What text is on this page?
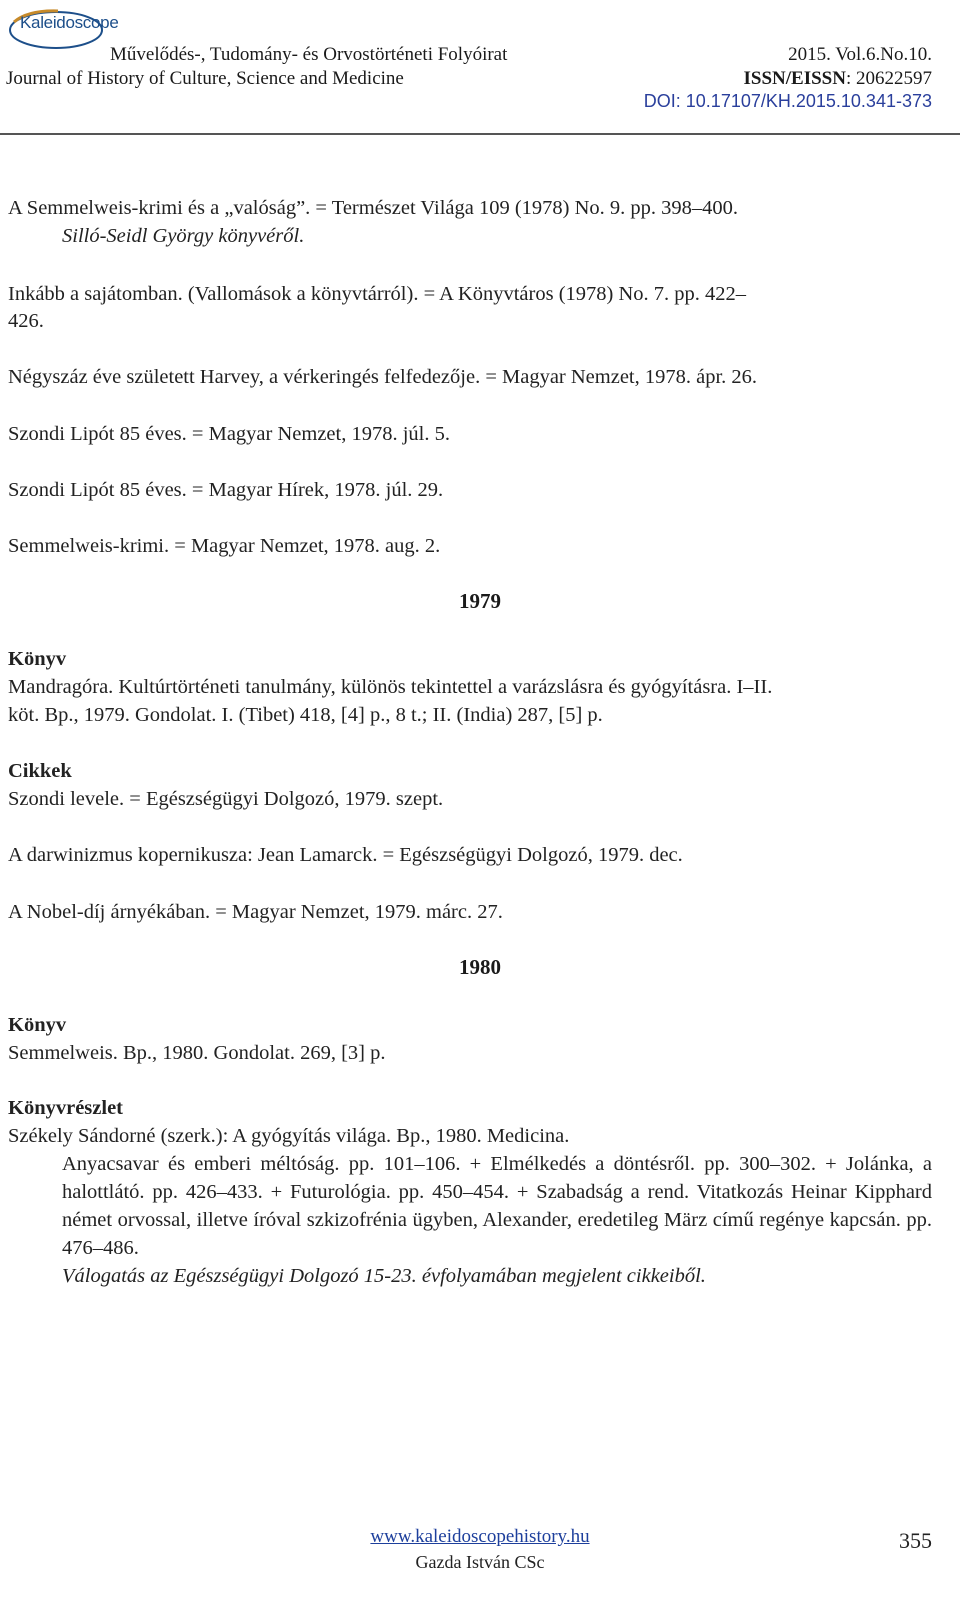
Kaleidoscope
Művelődés-, Tudomány- és Orvostörténeti Folyóirat
Journal of History of Culture, Science and Medicine
2015. Vol.6.No.10.
ISSN/EISSN: 20622597
DOI: 10.17107/KH.2015.10.341-373
A Semmelweis-krimi és a „valóság”. = Természet Világa 109 (1978) No. 9. pp. 398–400.
Silló-Seidl György könyvéről.
Inkább a sajátomban. (Vallomások a könyvtárról). = A Könyvtáros (1978) No. 7. pp. 422–
426.
Négyszáz éve született Harvey, a vérkeringés felfedezője. = Magyar Nemzet, 1978. ápr. 26.
Szondi Lipót 85 éves. = Magyar Nemzet, 1978. júl. 5.
Szondi Lipót 85 éves. = Magyar Hírek, 1978. júl. 29.
Semmelweis-krimi. = Magyar Nemzet, 1978. aug. 2.
1979
Könyv
Mandragóra. Kultúrtörténeti tanulmány, különös tekintettel a varázslásra és gyógyításra. I–II.
köt. Bp., 1979. Gondolat. I. (Tibet) 418, [4] p., 8 t.; II. (India) 287, [5] p.
Cikkek
Szondi levele. = Egészségügyi Dolgozó, 1979. szept.
A darwinizmus kopernikusza: Jean Lamarck. = Egészségügyi Dolgozó, 1979. dec.
A Nobel-díj árnyékában. = Magyar Nemzet, 1979. márc. 27.
1980
Könyv
Semmelweis. Bp., 1980. Gondolat. 269, [3] p.
Könyvrészlet
Székely Sándorné (szerk.): A gyógyítás világa. Bp., 1980. Medicina.
Anyacsavar és emberi méltóság. pp. 101–106. + Elmélkedés a döntésről. pp. 300–302. + Jolánka, a halottlátó. pp. 426–433. + Futurológia. pp. 450–454. + Szabadság a rend. Vitatkozás Heinar Kipphard német orvossal, illetve íróval szkizofrénia ügyben, Alexander, eredetileg März című regénye kapcsán. pp. 476–486.
Válogatás az Egészségügyi Dolgozó 15-23. évfolyamában megjelent cikkeiből.
www.kaleidoscopehistory.hu
Gazda István CSc
355
